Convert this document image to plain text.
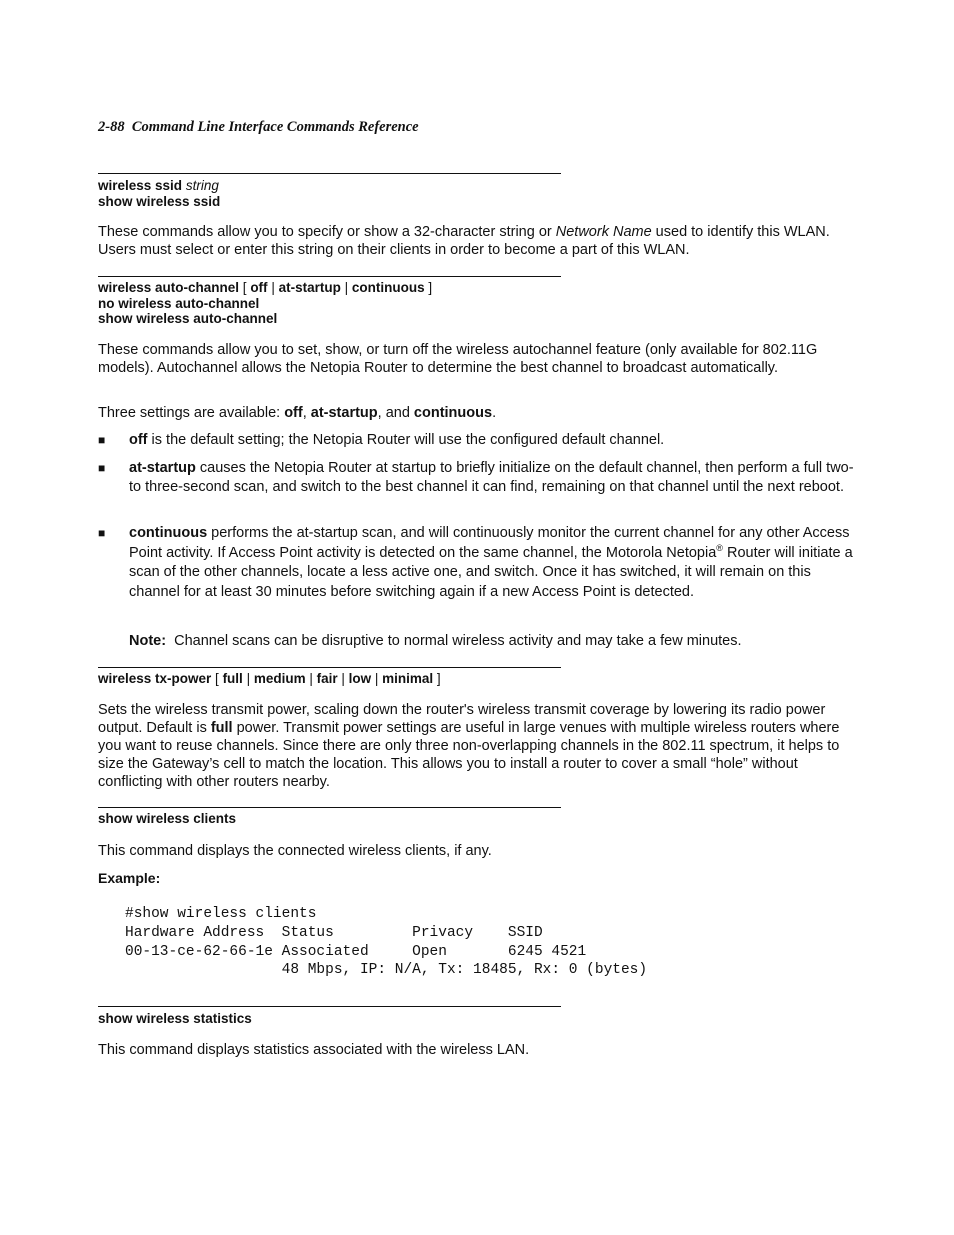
2-88 Command Line Interface Commands Reference
wireless ssid string
show wireless ssid
These commands allow you to specify or show a 32-character string or Network Name used to identify this WLAN. Users must select or enter this string on their clients in order to become a part of this WLAN.
wireless auto-channel [ off | at-startup | continuous ]
no wireless auto-channel
show wireless auto-channel
These commands allow you to set, show, or turn off the wireless autochannel feature (only available for 802.11G models). Autochannel allows the Netopia Router to determine the best channel to broadcast automatically.
Three settings are available: off, at-startup, and continuous.
■ off is the default setting; the Netopia Router will use the configured default channel.
■ at-startup causes the Netopia Router at startup to briefly initialize on the default channel, then perform a full two- to three-second scan, and switch to the best channel it can find, remaining on that channel until the next reboot.
■ continuous performs the at-startup scan, and will continuously monitor the current channel for any other Access Point activity. If Access Point activity is detected on the same channel, the Motorola Netopia® Router will initiate a scan of the other channels, locate a less active one, and switch. Once it has switched, it will remain on this channel for at least 30 minutes before switching again if a new Access Point is detected.
Note: Channel scans can be disruptive to normal wireless activity and may take a few minutes.
wireless tx-power [ full | medium | fair | low | minimal ]
Sets the wireless transmit power, scaling down the router's wireless transmit coverage by lowering its radio power output. Default is full power. Transmit power settings are useful in large venues with multiple wireless routers where you want to reuse channels. Since there are only three non-overlapping channels in the 802.11 spectrum, it helps to size the Gateway’s cell to match the location. This allows you to install a router to cover a small “hole” without conflicting with other routers nearby.
show wireless clients
This command displays the connected wireless clients, if any.
Example:
#show wireless clients
Hardware Address  Status         Privacy    SSID
00-13-ce-62-66-1e Associated     Open       6245 4521
48 Mbps, IP: N/A, Tx: 18485, Rx: 0 (bytes)
show wireless statistics
This command displays statistics associated with the wireless LAN.
